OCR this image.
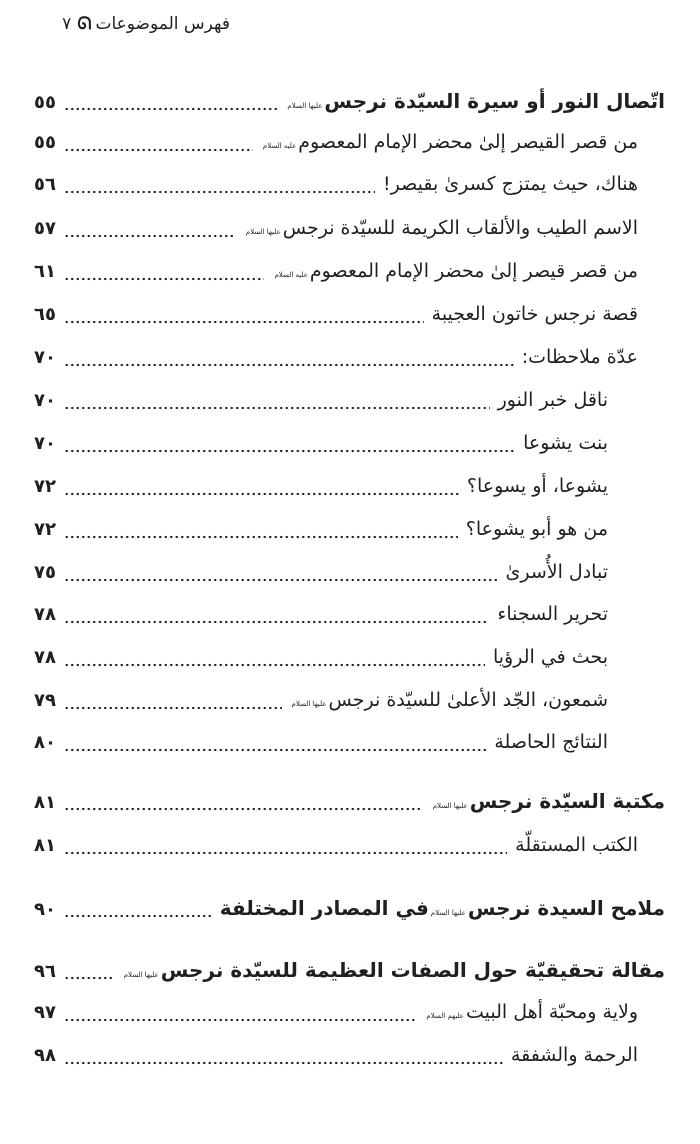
فهرس الموضوعات
ᘏ
٧
اتّصال النور أو سيرة السيّدة نرجس
عليها السلام
٥٥
من قصر القيصر إلىٰ محضر الإمام المعصوم
عليه السلام
٥٥
هناك، حيث يمتزج كسرىٰ بقيصر!
٥٦
الاسم الطيب والألقاب الكريمة للسيّدة نرجس
عليها السلام
٥٧
من قصر قيصر إلىٰ محضر الإمام المعصوم
عليه السلام
٦١
قصة نرجس خاتون العجيبة
٦٥
عدّة ملاحظات:
٧٠
ناقل خبر النور
٧٠
بنت يشوعا
٧٠
يشوعا، أو يسوعا؟
٧٢
من هو أبو يشوعا؟
٧٢
تبادل الأُسرىٰ
٧٥
تحرير السجناء
٧٨
بحث في الرؤيا
٧٨
شمعون، الجّد الأعلىٰ للسيّدة نرجس
عليها السلام
٧٩
النتائج الحاصلة
٨٠
مكتبة السيّدة نرجس
عليها السلام
٨١
الكتب المستقلّة
٨١
ملامح السيدة نرجس
عليها السلام
في المصادر المختلفة
٩٠
مقالة تحقيقيّة حول الصفات العظيمة للسيّدة نرجس
عليها السلام
٩٦
ولاية ومحبّة أهل البيت
عليهم السلام
٩٧
الرحمة والشفقة
٩٨
